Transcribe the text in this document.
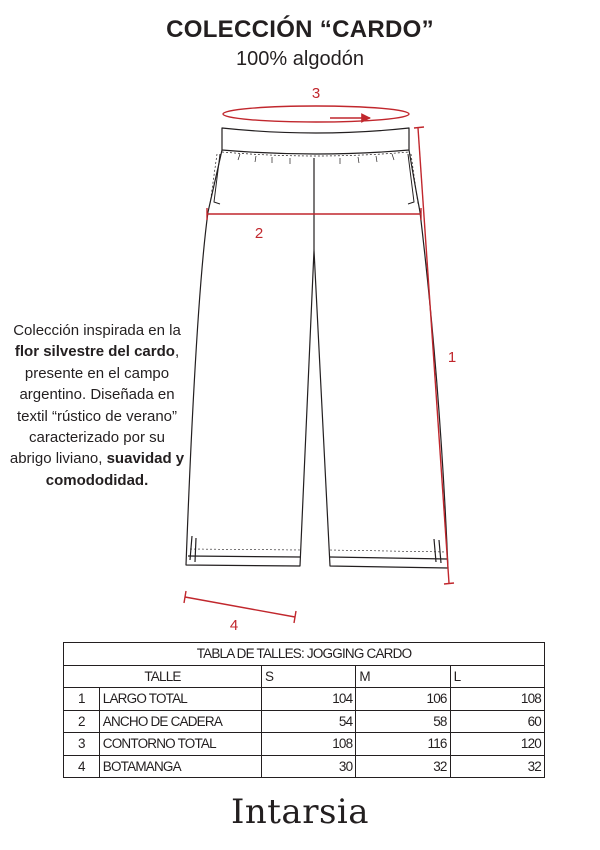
COLECCIÓN “CARDO”
100% algodón
3
2
1
4
Colección inspirada en la flor silvestre del cardo, presente en el campo argentino. Diseñada en textil “rústico de verano” caracterizado por su abrigo liviano, suavidad y comododidad.
TABLA DE TALLES: JOGGING CARDO				
TALLE		S	M	L
1	LARGO TOTAL	104	106	108
2	ANCHO DE CADERA	54	58	60
3	CONTORNO TOTAL	108	116	120
4	BOTAMANGA	30	32	32
Intarsia
